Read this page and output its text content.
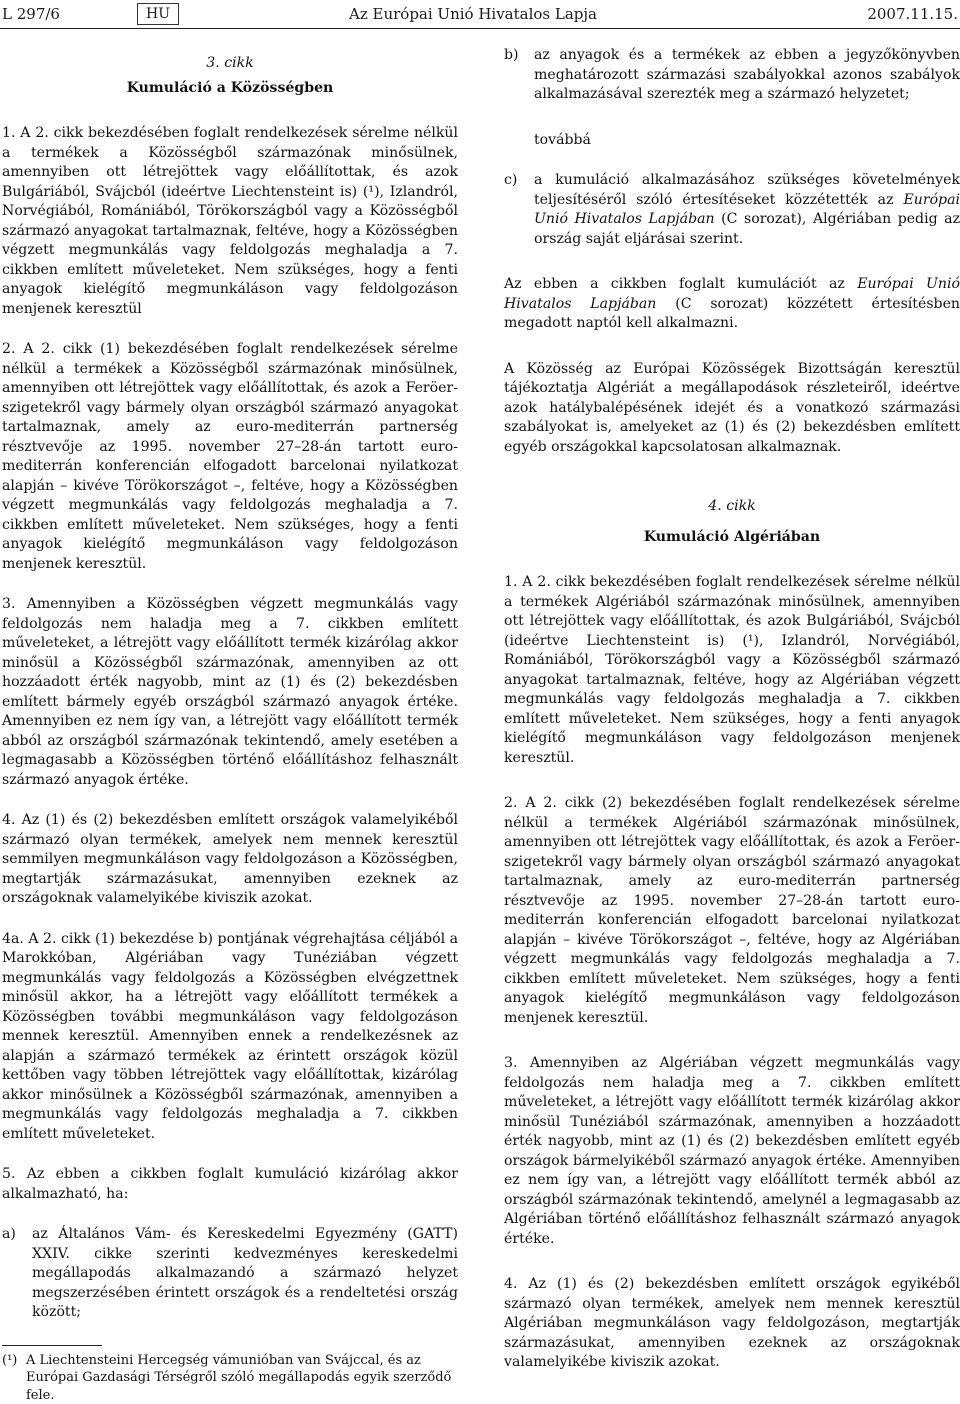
L 297/6	HU	Az Európai Unió Hivatalos Lapja	2007.11.15.

3. cikk

Kumuláció a Közösségben

1. A 2. cikk bekezdésében foglalt rendelkezések sérelme nélkül a termékek a Közösségből származónak minősülnek, amennyiben ott létrejöttek vagy előállítottak, és azok Bulgáriából, Svájcból (ideértve Liechtensteint is) (¹), Izlandról, Norvégiából, Romániából, Törökországból vagy a Közösségből származó anyagokat tartalmaznak, feltéve, hogy a Közösségben végzett megmunkálás vagy feldolgozás meghaladja a 7. cikkben említett műveleteket. Nem szükséges, hogy a fenti anyagok kielégítő megmunkáláson vagy feldolgozáson menjenek keresztül

2. A 2. cikk (1) bekezdésében foglalt rendelkezések sérelme nélkül a termékek a Közösségből származónak minősülnek, amennyiben ott létrejöttek vagy előállítottak, és azok a Feröer-szigetekről vagy bármely olyan országból származó anyagokat tartalmaznak, amely az euro-mediterrán partnerség résztvevője az 1995. november 27–28-án tartott euro-mediterrán konferencián elfogadott barcelonai nyilatkozat alapján – kivéve Törökországot –, feltéve, hogy a Közösségben végzett megmunkálás vagy feldolgozás meghaladja a 7. cikkben említett műveleteket. Nem szükséges, hogy a fenti anyagok kielégítő megmunkáláson vagy feldolgozáson menjenek keresztül.

3. Amennyiben a Közösségben végzett megmunkálás vagy feldolgozás nem haladja meg a 7. cikkben említett műveleteket, a létrejött vagy előállított termék kizárólag akkor minősül a Közösségből származónak, amennyiben az ott hozzáadott érték nagyobb, mint az (1) és (2) bekezdésben említett bármely egyéb országból származó anyagok értéke. Amennyiben ez nem így van, a létrejött vagy előállított termék abból az országból származónak tekintendő, amely esetében a legmagasabb a Közösségben történő előállításhoz felhasznált származó anyagok értéke.

4. Az (1) és (2) bekezdésben említett országok valamelyikéből származó olyan termékek, amelyek nem mennek keresztül semmilyen megmunkáláson vagy feldolgozáson a Közösségben, megtartják származásukat, amennyiben ezeknek az országoknak valamelyikébe kiviszik azokat.

4a. A 2. cikk (1) bekezdése b) pontjának végrehajtása céljából a Marokkóban, Algériában vagy Tunéziában végzett megmunkálás vagy feldolgozás a Közösségben elvégzettnek minősül akkor, ha a létrejött vagy előállított termékek a Közösségben további megmunkáláson vagy feldolgozáson mennek keresztül. Amennyiben ennek a rendelkezésnek az alapján a származó termékek az érintett országok közül kettőben vagy többen létrejöttek vagy előállítottak, kizárólag akkor minősülnek a Közösségből származónak, amennyiben a megmunkálás vagy feldolgozás meghaladja a 7. cikkben említett műveleteket.

5. Az ebben a cikkben foglalt kumuláció kizárólag akkor alkalmazható, ha:

a)	az Általános Vám- és Kereskedelmi Egyezmény (GATT) XXIV. cikke szerinti kedvezményes kereskedelmi megállapodás alkalmazandó a származó helyzet megszerzésében érintett országok és a rendeltetési ország között;
(¹) A Liechtensteini Hercegség vámunióban van Svájccal, és az Európai Gazdasági Térségről szóló megállapodás egyik szerződő fele.
b)	az anyagok és a termékek az ebben a jegyzőkönyvben meghatározott származási szabályokkal azonos szabályok alkalmazásával szerezték meg a származó helyzetet;
továbbá
c)	a kumuláció alkalmazásához szükséges követelmények teljesítéséről szóló értesítéseket közzétették az Európai Unió Hivatalos Lapjában (C sorozat), Algériában pedig az ország saját eljárásai szerint.

Az ebben a cikkben foglalt kumulációt az Európai Unió Hivatalos Lapjában (C sorozat) közzétett értesítésben megadott naptól kell alkalmazni.

A Közösség az Európai Közösségek Bizottságán keresztül tájékoztatja Algériát a megállapodások részleteiről, ideértve azok hatálybalépésének idejét és a vonatkozó származási szabályokat is, amelyeket az (1) és (2) bekezdésben említett egyéb országokkal kapcsolatosan alkalmaznak.

4. cikk

Kumuláció Algériában

1. A 2. cikk bekezdésében foglalt rendelkezések sérelme nélkül a termékek Algériából származónak minősülnek, amennyiben ott létrejöttek vagy előállítottak, és azok Bulgáriából, Svájcból (ideértve Liechtensteint is) (¹), Izlandról, Norvégiából, Romániából, Törökországból vagy a Közösségből származó anyagokat tartalmaznak, feltéve, hogy az Algériában végzett megmunkálás vagy feldolgozás meghaladja a 7. cikkben említett műveleteket. Nem szükséges, hogy a fenti anyagok kielégítő megmunkáláson vagy feldolgozáson menjenek keresztül.

2. A 2. cikk (2) bekezdésében foglalt rendelkezések sérelme nélkül a termékek Algériából származónak minősülnek, amennyiben ott létrejöttek vagy előállítottak, és azok a Feröer-szigetekről vagy bármely olyan országból származó anyagokat tartalmaznak, amely az euro-mediterrán partnerség résztvevője az 1995. november 27–28-án tartott euro-mediterrán konferencián elfogadott barcelonai nyilatkozat alapján – kivéve Törökországot –, feltéve, hogy az Algériában végzett megmunkálás vagy feldolgozás meghaladja a 7. cikkben említett műveleteket. Nem szükséges, hogy a fenti anyagok kielégítő megmunkáláson vagy feldolgozáson menjenek keresztül.

3. Amennyiben az Algériában végzett megmunkálás vagy feldolgozás nem haladja meg a 7. cikkben említett műveleteket, a létrejött vagy előállított termék kizárólag akkor minősül Tunéziából származónak, amennyiben a hozzáadott érték nagyobb, mint az (1) és (2) bekezdésben említett egyéb országok bármelyikéből származó anyagok értéke. Amennyiben ez nem így van, a létrejött vagy előállított termék abból az országból származónak tekintendő, amelynél a legmagasabb az Algériában történő előállításhoz felhasznált származó anyagok értéke.

4. Az (1) és (2) bekezdésben említett országok egyikéből származó olyan termékek, amelyek nem mennek keresztül Algériában megmunkáláson vagy feldolgozáson, megtartják származásukat, amennyiben ezeknek az országoknak valamelyikébe kiviszik azokat.
